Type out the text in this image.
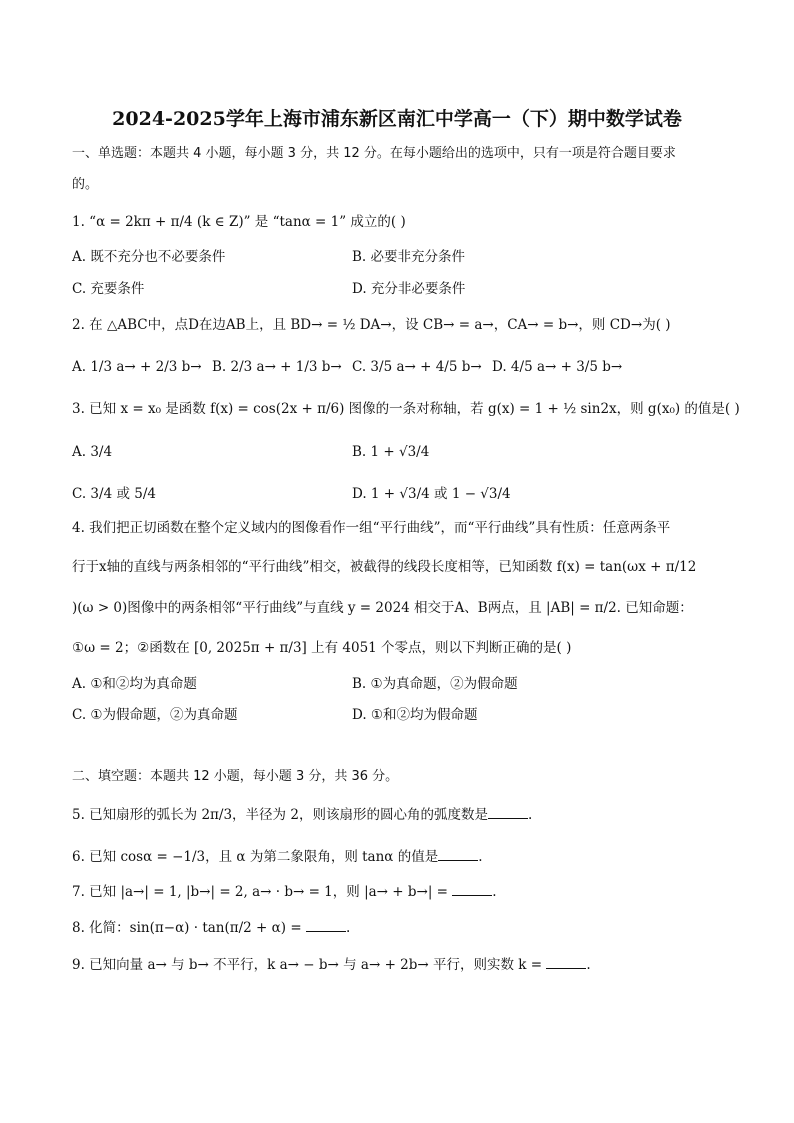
2024-2025学年上海市浦东新区南汇中学高一（下）期中数学试卷
一、单选题：本题共 4 小题，每小题 3 分，共 12 分。在每小题给出的选项中，只有一项是符合题目要求
的。
1. “α = 2kπ + π/4 (k ∈ Z)” 是 “tanα = 1” 成立的( )
A. 既不充分也不必要条件	B. 必要非充分条件
C. 充要条件	D. 充分非必要条件
2. 在 △ABC中，点D在边AB上，且 BD→ = ½ DA→，设 CB→ = a→，CA→ = b→，则 CD→为( )
A. 1/3 a→ + 2/3 b→ B. 2/3 a→ + 1/3 b→ C. 3/5 a→ + 4/5 b→ D. 4/5 a→ + 3/5 b→
3. 已知 x = x₀ 是函数 f(x) = cos(2x + π/6) 图像的一条对称轴，若 g(x) = 1 + ½ sin2x，则 g(x₀) 的值是( )
A. 3/4	B. 1 + √3/4
C. 3/4 或 5/4	D. 1 + √3/4 或 1 − √3/4
4. 我们把正切函数在整个定义域内的图像看作一组“平行曲线”，而“平行曲线”具有性质：任意两条平
行于x轴的直线与两条相邻的“平行曲线”相交，被截得的线段长度相等，已知函数 f(x) = tan(ωx + π/12
)(ω > 0)图像中的两条相邻“平行曲线”与直线 y = 2024 相交于A、B两点，且 |AB| = π/2. 已知命题：
①ω = 2；②函数在 [0, 2025π + π/3] 上有 4051 个零点，则以下判断正确的是( )
A. ①和②均为真命题	B. ①为真命题，②为假命题
C. ①为假命题，②为真命题	D. ①和②均为假命题
二、填空题：本题共 12 小题，每小题 3 分，共 36 分。
5. 已知扇形的弧长为 2π/3，半径为 2，则该扇形的圆心角的弧度数是	.
6. 已知 cosα = −1/3，且 α 为第二象限角，则 tanα 的值是	.
7. 已知 |a→| = 1, |b→| = 2, a→ · b→ = 1，则 |a→ + b→| =	.
8. 化简：sin(π−α) · tan(π/2 + α) =	.
9. 已知向量 a→ 与 b→ 不平行，k a→ − b→ 与 a→ + 2b→ 平行，则实数 k =	.
